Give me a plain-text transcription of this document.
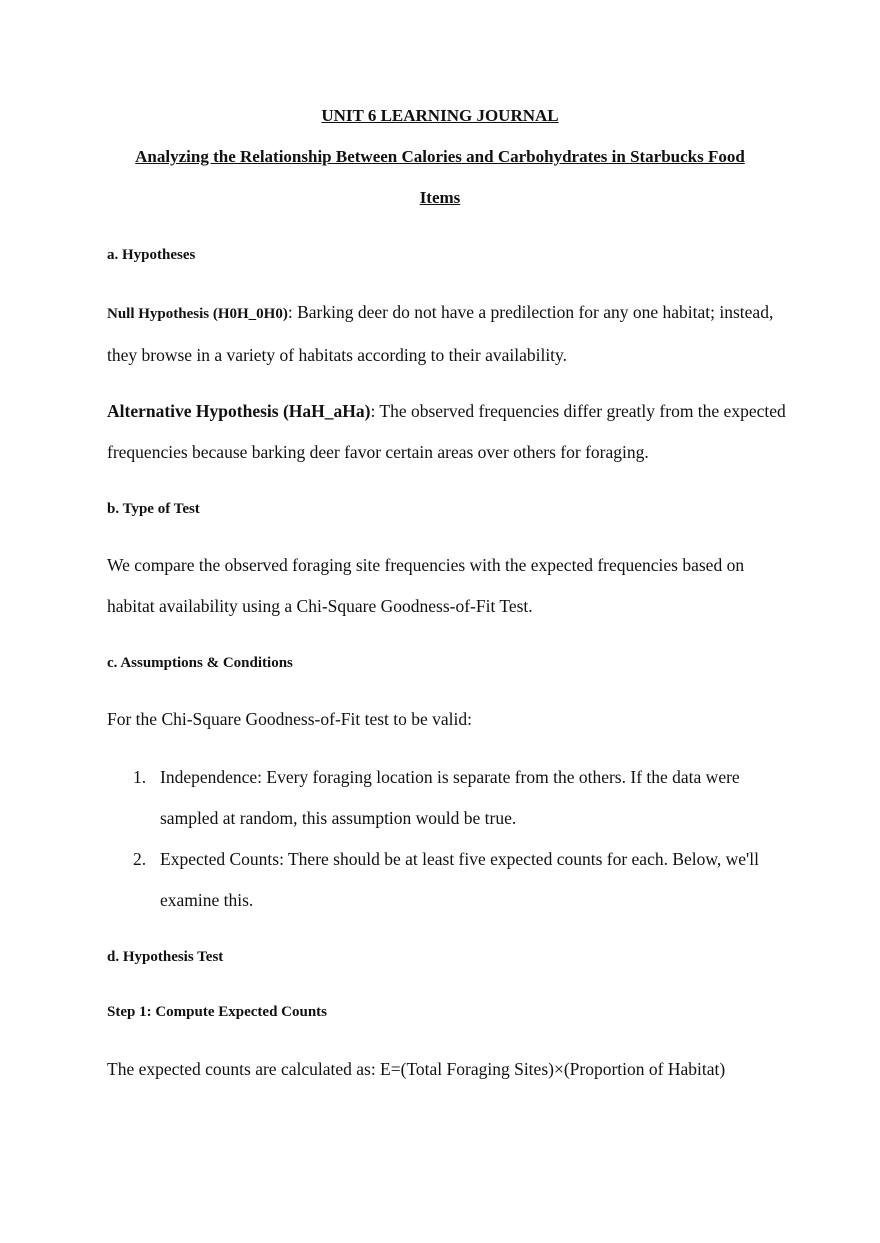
UNIT 6 LEARNING JOURNAL

Analyzing the Relationship Between Calories and Carbohydrates in Starbucks Food

Items

a. Hypotheses

Null Hypothesis (H0H_0H0): Barking deer do not have a predilection for any one habitat; instead, they browse in a variety of habitats according to their availability.

Alternative Hypothesis (HaH_aHa): The observed frequencies differ greatly from the expected frequencies because barking deer favor certain areas over others for foraging.

b. Type of Test

We compare the observed foraging site frequencies with the expected frequencies based on habitat availability using a Chi-Square Goodness-of-Fit Test.

c. Assumptions & Conditions

For the Chi-Square Goodness-of-Fit test to be valid:

1. Independence: Every foraging location is separate from the others. If the data were sampled at random, this assumption would be true.
2. Expected Counts: There should be at least five expected counts for each. Below, we'll examine this.

d. Hypothesis Test

Step 1: Compute Expected Counts

The expected counts are calculated as: E=(Total Foraging Sites)×(Proportion of Habitat)
